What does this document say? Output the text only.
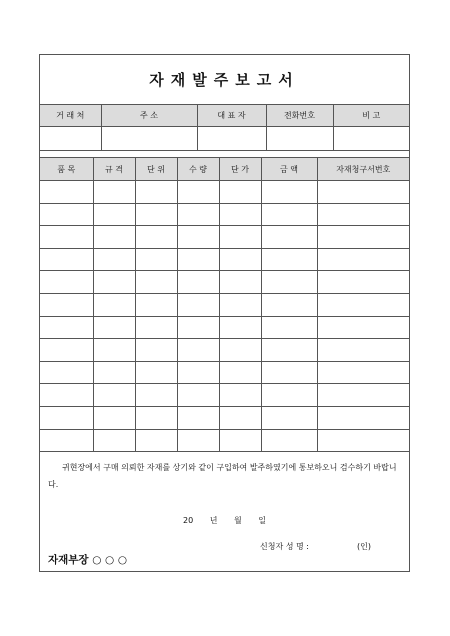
자재발주보고서
거 래 처	주 소	대 표 자	전화번호	비 고

품 목	규 격	단 위	수 량	단 가	금 액	자재청구서번호

귀현장에서 구매 의뢰한 자재를 상기와 같이 구입하여 발주하였기에 통보하오니 검수하기 바랍니다.
20 년 월 일
신청자 성 명 :	(인)
자재부장 ○ ○ ○
